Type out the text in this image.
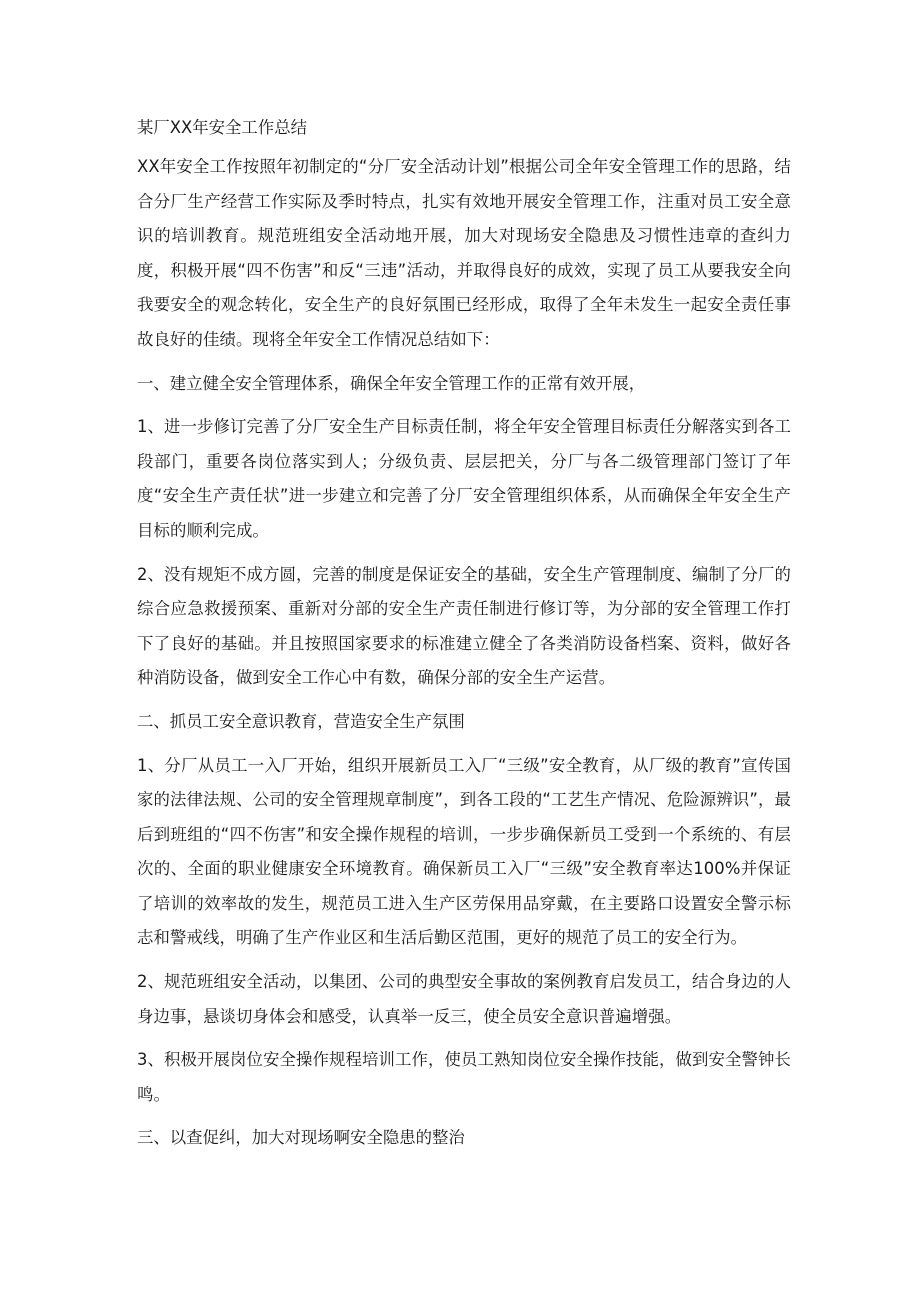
某厂XX年安全工作总结

XX年安全工作按照年初制定的“分厂安全活动计划”根据公司全年安全管理工作的思路，结合分厂生产经营工作实际及季时特点，扎实有效地开展安全管理工作，注重对员工安全意识的培训教育。规范班组安全活动地开展，加大对现场安全隐患及习惯性违章的查纠力度，积极开展“四不伤害”和反“三违”活动，并取得良好的成效，实现了员工从要我安全向我要安全的观念转化，安全生产的良好氛围已经形成，取得了全年未发生一起安全责任事故良好的佳绩。现将全年安全工作情况总结如下：

一、建立健全安全管理体系，确保全年安全管理工作的正常有效开展，

1、进一步修订完善了分厂安全生产目标责任制，将全年安全管理目标责任分解落实到各工段部门，重要各岗位落实到人；分级负责、层层把关，分厂与各二级管理部门签订了年度“安全生产责任状”进一步建立和完善了分厂安全管理组织体系，从而确保全年安全生产目标的顺利完成。

2、没有规矩不成方圆，完善的制度是保证安全的基础，安全生产管理制度、编制了分厂的综合应急救援预案、重新对分部的安全生产责任制进行修订等，为分部的安全管理工作打下了良好的基础。并且按照国家要求的标准建立健全了各类消防设备档案、资料，做好各种消防设备，做到安全工作心中有数，确保分部的安全生产运营。

二、抓员工安全意识教育，营造安全生产氛围

1、分厂从员工一入厂开始，组织开展新员工入厂“三级”安全教育，从厂级的教育”宣传国家的法律法规、公司的安全管理规章制度”，到各工段的“工艺生产情况、危险源辨识”，最后到班组的“四不伤害”和安全操作规程的培训，一步步确保新员工受到一个系统的、有层次的、全面的职业健康安全环境教育。确保新员工入厂“三级”安全教育率达100%并保证了培训的效率故的发生，规范员工进入生产区劳保用品穿戴，在主要路口设置安全警示标志和警戒线，明确了生产作业区和生活后勤区范围，更好的规范了员工的安全行为。

2、规范班组安全活动，以集团、公司的典型安全事故的案例教育启发员工，结合身边的人身边事，悬谈切身体会和感受，认真举一反三，使全员安全意识普遍增强。

3、积极开展岗位安全操作规程培训工作，使员工熟知岗位安全操作技能，做到安全警钟长鸣。

三、以查促纠，加大对现场啊安全隐患的整治
